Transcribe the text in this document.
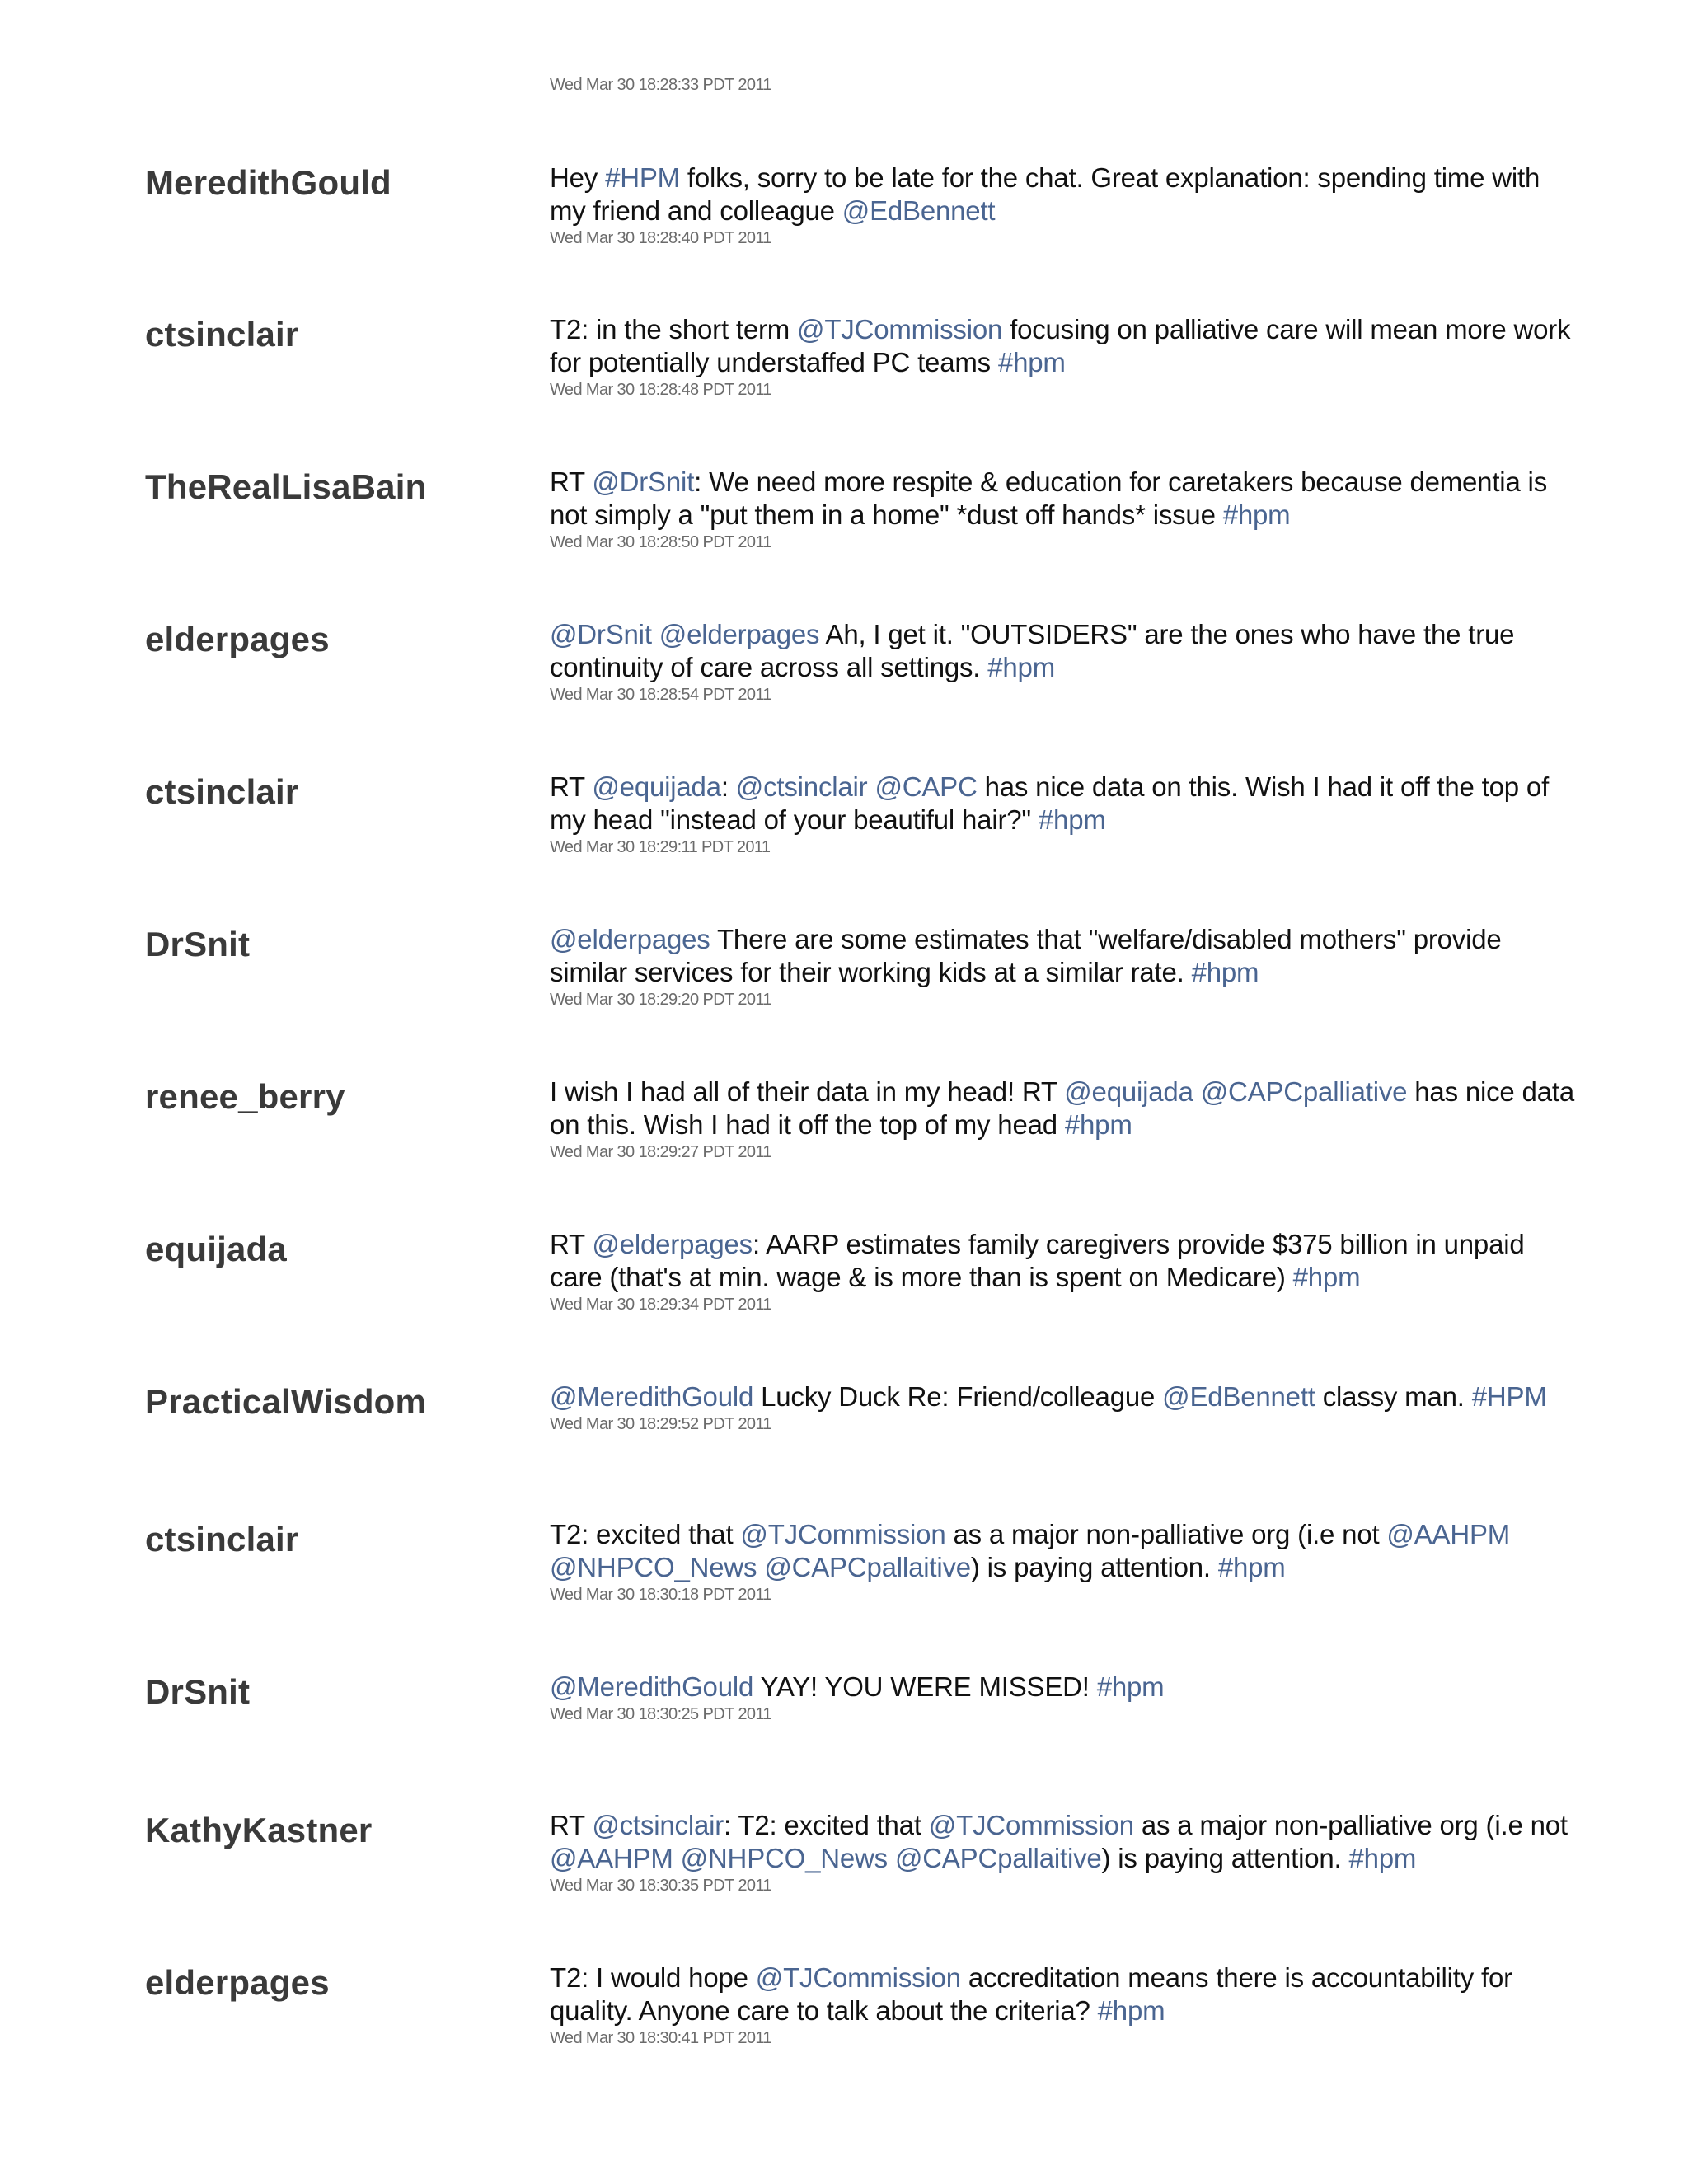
Wed Mar 30 18:28:33 PDT 2011
MeredithGould	Hey #HPM folks, sorry to be late for the chat. Great explanation: spending time with my friend and colleague @EdBennett
Wed Mar 30 18:28:40 PDT 2011
ctsinclair	T2: in the short term @TJCommission focusing on palliative care will mean more work for potentially understaffed PC teams #hpm
Wed Mar 30 18:28:48 PDT 2011
TheRealLisaBain	RT @DrSnit: We need more respite & education for caretakers because dementia is not simply a "put them in a home" *dust off hands* issue #hpm
Wed Mar 30 18:28:50 PDT 2011
elderpages	@DrSnit @elderpages Ah, I get it. "OUTSIDERS" are the ones who have the true continuity of care across all settings. #hpm
Wed Mar 30 18:28:54 PDT 2011
ctsinclair	RT @equijada: @ctsinclair @CAPC has nice data on this. Wish I had it off the top of my head "instead of your beautiful hair?" #hpm
Wed Mar 30 18:29:11 PDT 2011
DrSnit	@elderpages There are some estimates that "welfare/disabled mothers" provide similar services for their working kids at a similar rate. #hpm
Wed Mar 30 18:29:20 PDT 2011
renee_berry	I wish I had all of their data in my head! RT @equijada @CAPCpalliative has nice data on this. Wish I had it off the top of my head #hpm
Wed Mar 30 18:29:27 PDT 2011
equijada	RT @elderpages: AARP estimates family caregivers provide $375 billion in unpaid care (that's at min. wage & is more than is spent on Medicare) #hpm
Wed Mar 30 18:29:34 PDT 2011
PracticalWisdom	@MeredithGould Lucky Duck Re: Friend/colleague @EdBennett classy man. #HPM
Wed Mar 30 18:29:52 PDT 2011
ctsinclair	T2: excited that @TJCommission as a major non-palliative org (i.e not @AAHPM @NHPCO_News @CAPCpallaitive) is paying attention. #hpm
Wed Mar 30 18:30:18 PDT 2011
DrSnit	@MeredithGould YAY! YOU WERE MISSED! #hpm
Wed Mar 30 18:30:25 PDT 2011
KathyKastner	RT @ctsinclair: T2: excited that @TJCommission as a major non-palliative org (i.e not @AAHPM @NHPCO_News @CAPCpallaitive) is paying attention. #hpm
Wed Mar 30 18:30:35 PDT 2011
elderpages	T2: I would hope @TJCommission accreditation means there is accountability for quality. Anyone care to talk about the criteria? #hpm
Wed Mar 30 18:30:41 PDT 2011
